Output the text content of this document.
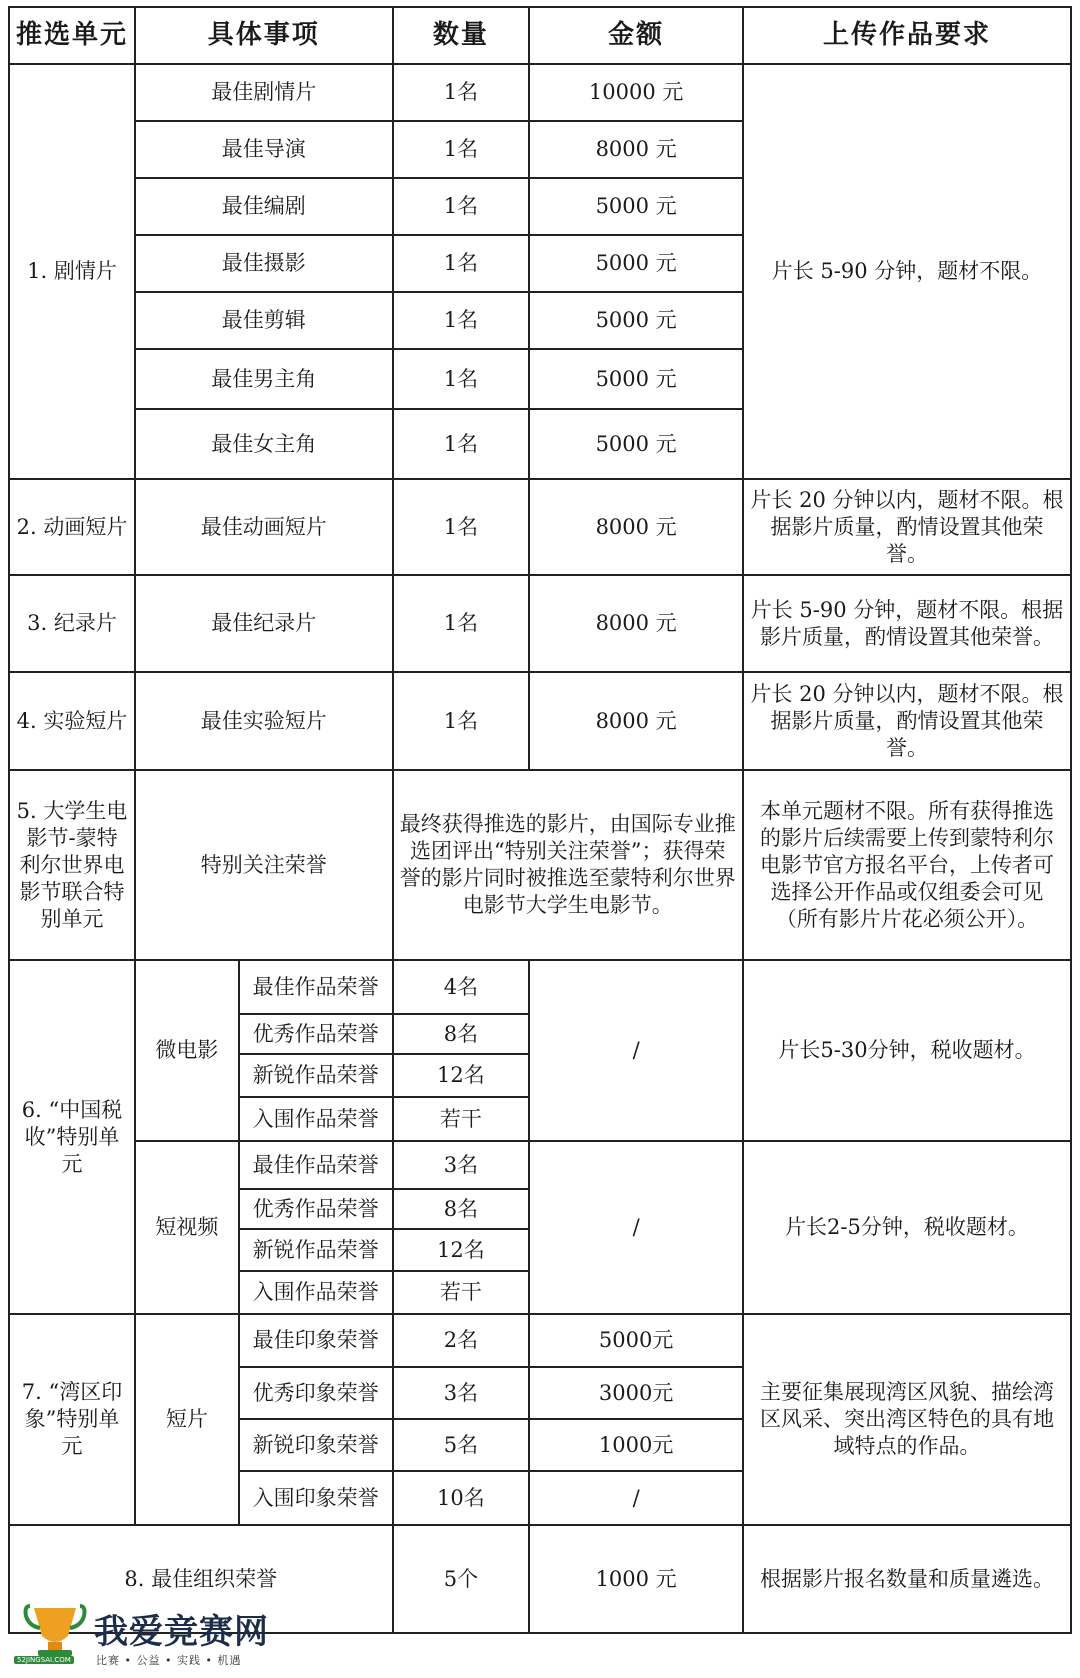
推选单元	具体事项		数量	金额	上传作品要求
1. 剧情片	最佳剧情片		1名	10000 元	片长 5-90 分钟，题材不限。
	最佳导演		1名	8000 元	
	最佳编剧		1名	5000 元	
	最佳摄影		1名	5000 元	
	最佳剪辑		1名	5000 元	
	最佳男主角		1名	5000 元	
	最佳女主角		1名	5000 元	
2. 动画短片	最佳动画短片		1名	8000 元	片长 20 分钟以内，题材不限。根据影片质量，酌情设置其他荣誉。
3. 纪录片	最佳纪录片		1名	8000 元	片长 5-90 分钟，题材不限。根据影片质量，酌情设置其他荣誉。
4. 实验短片	最佳实验短片		1名	8000 元	片长 20 分钟以内，题材不限。根据影片质量，酌情设置其他荣誉。
5. 大学生电影节-蒙特利尔世界电影节联合特别单元	特别关注荣誉		最终获得推选的影片，由国际专业推选团评出“特别关注荣誉”；获得荣誉的影片同时被推选至蒙特利尔世界电影节大学生电影节。		本单元题材不限。所有获得推选的影片后续需要上传到蒙特利尔电影节官方报名平台，上传者可选择公开作品或仅组委会可见（所有影片片花必须公开）。
6. “中国税收”特别单元	微电影	最佳作品荣誉	4名	/	片长5-30分钟，税收题材。
		优秀作品荣誉	8名		
		新锐作品荣誉	12名		
		入围作品荣誉	若干		
	短视频	最佳作品荣誉	3名	/	片长2-5分钟，税收题材。
		优秀作品荣誉	8名		
		新锐作品荣誉	12名		
		入围作品荣誉	若干		
7. “湾区印象”特别单元	短片	最佳印象荣誉	2名	5000元	主要征集展现湾区风貌、描绘湾区风采、突出湾区特色的具有地域特点的作品。
		优秀印象荣誉	3名	3000元	
		新锐印象荣誉	5名	1000元	
		入围印象荣誉	10名	/	
8. 最佳组织荣誉			5个	1000 元	根据影片报名数量和质量遴选。
我爱竞赛网
比赛 • 公益 • 实践 • 机遇
52JINGSAI.COM
